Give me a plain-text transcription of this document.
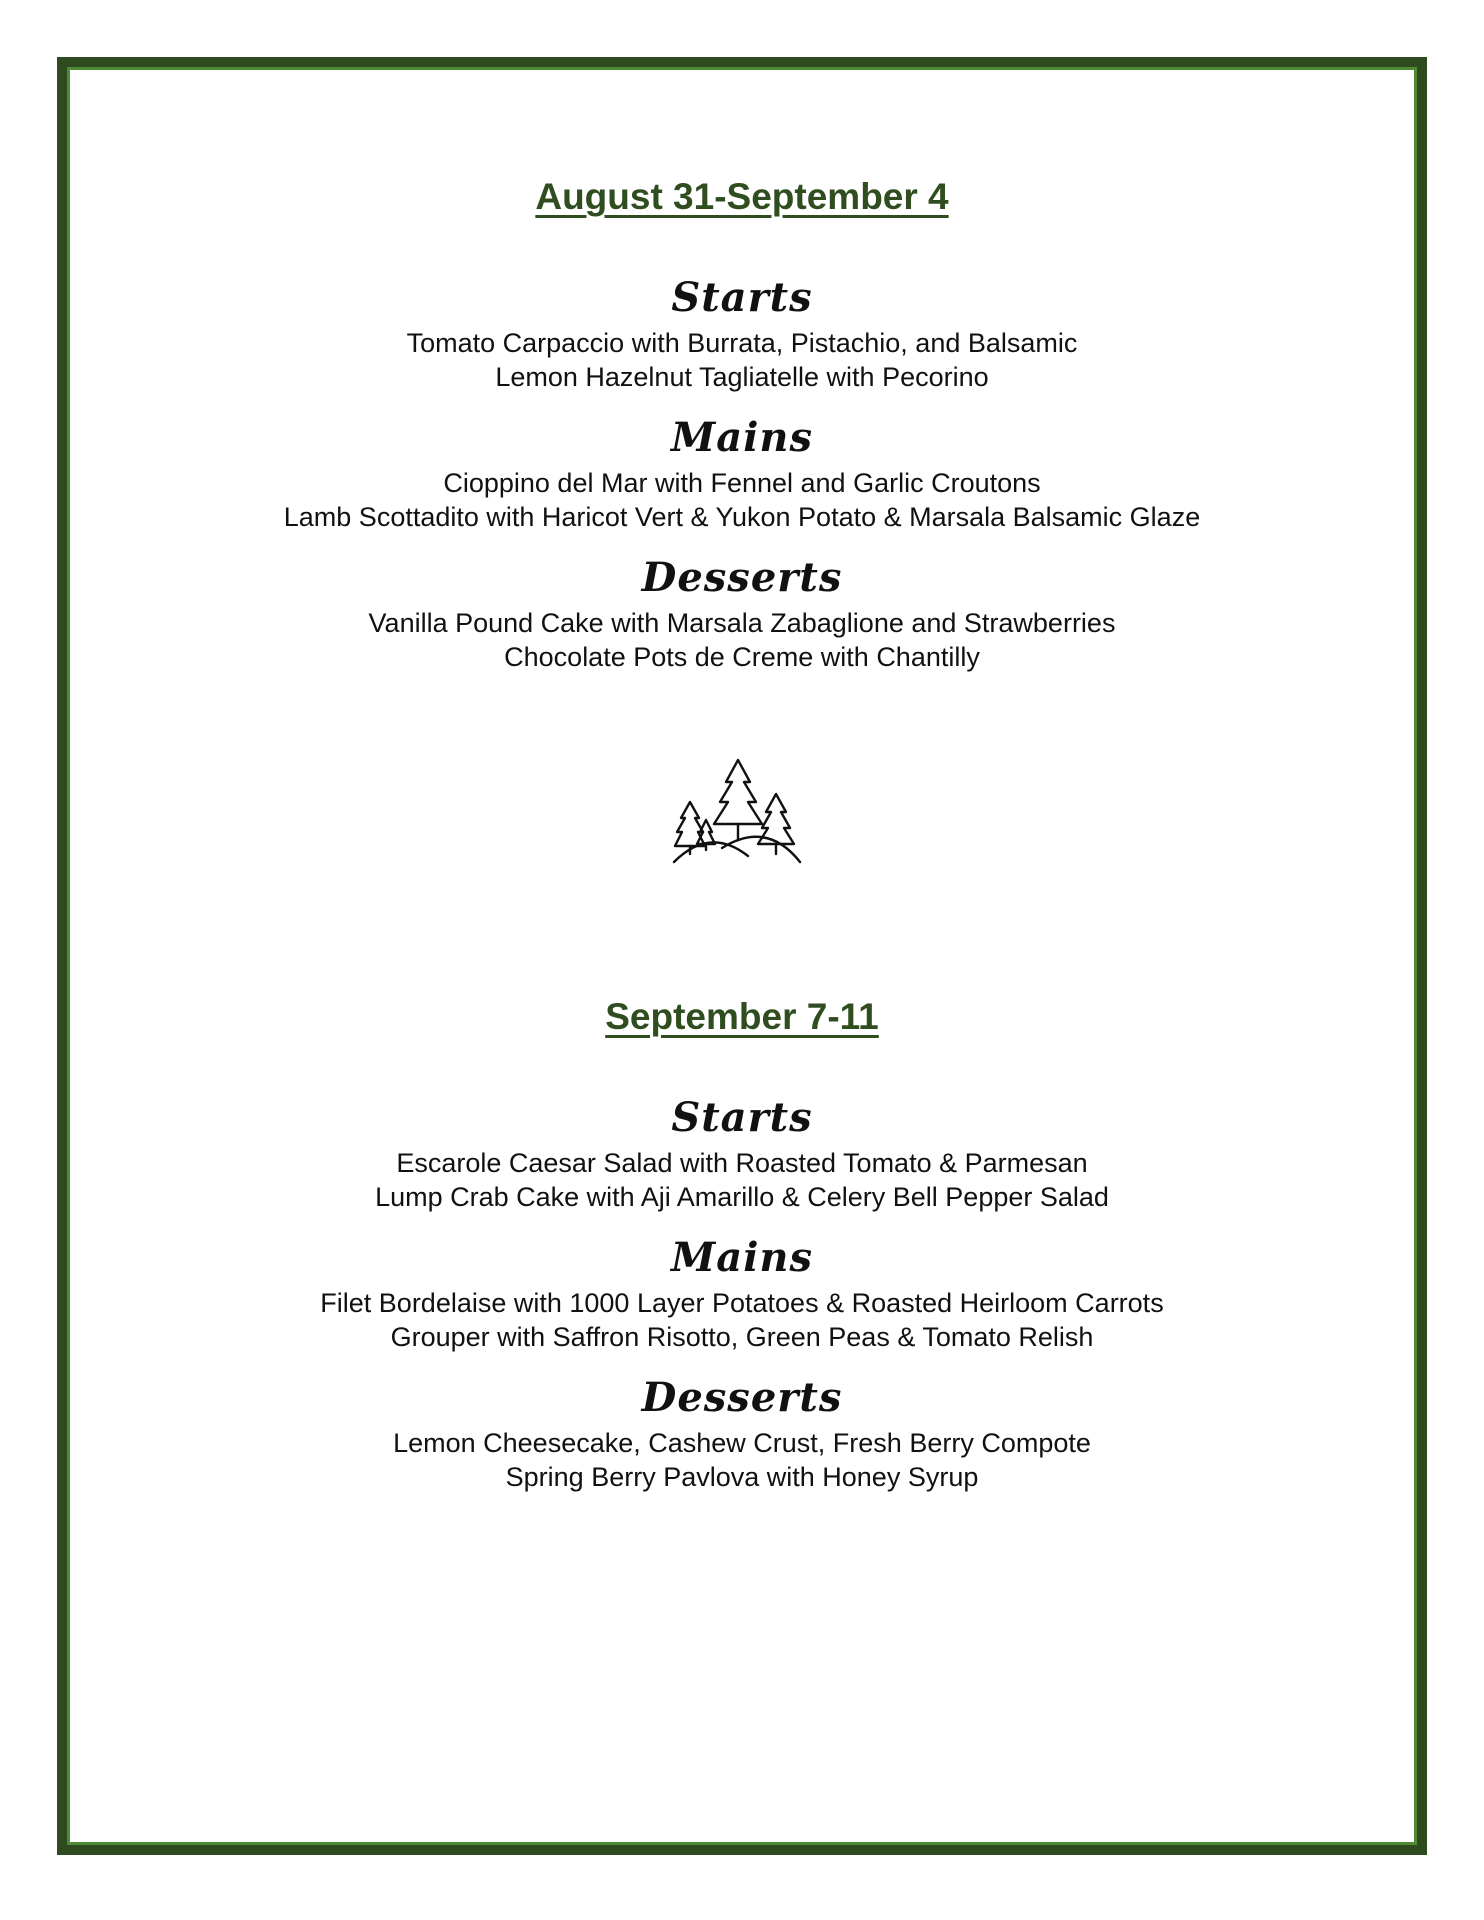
August 31-September 4
Starts

Tomato Carpaccio with Burrata, Pistachio, and Balsamic

Lemon Hazelnut Tagliatelle with Pecorino

Mains

Cioppino del Mar with Fennel and Garlic Croutons

Lamb Scottadito with Haricot Vert & Yukon Potato & Marsala Balsamic Glaze

Desserts

Vanilla Pound Cake with Marsala Zabaglione and Strawberries

Chocolate Pots de Creme with Chantilly

September 7-11
Starts

Escarole Caesar Salad with Roasted Tomato & Parmesan

Lump Crab Cake with Aji Amarillo & Celery Bell Pepper Salad

Mains

Filet Bordelaise with 1000 Layer Potatoes & Roasted Heirloom Carrots

Grouper with Saffron Risotto, Green Peas & Tomato Relish

Desserts

Lemon Cheesecake, Cashew Crust, Fresh Berry Compote

Spring Berry Pavlova with Honey Syrup
